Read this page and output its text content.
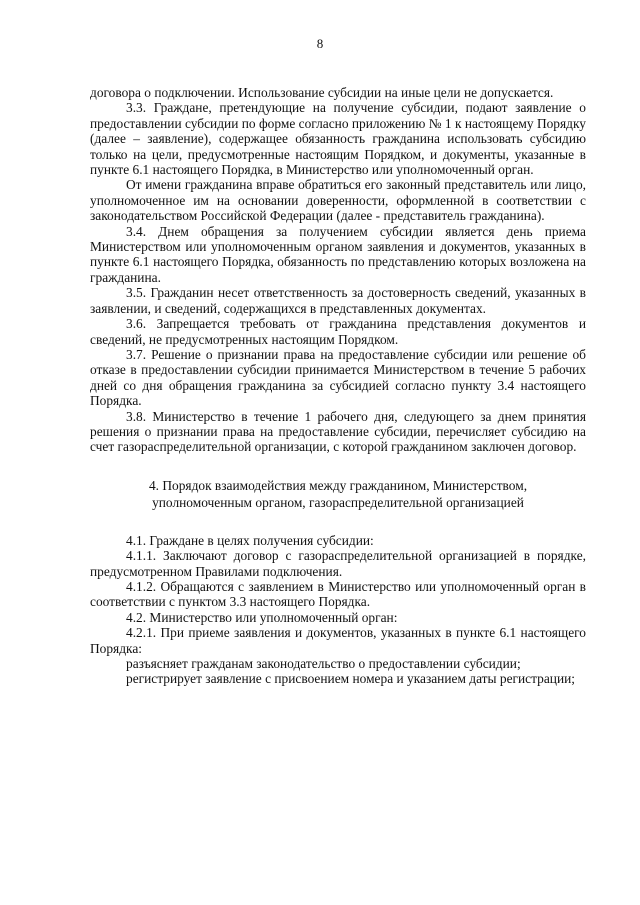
8

договора о подключении. Использование субсидии на иные цели не допускается.

3.3. Граждане, претендующие на получение субсидии, подают заявление о предоставлении субсидии по форме согласно приложению № 1 к настоящему Порядку (далее – заявление), содержащее обязанность гражданина использовать субсидию только на цели, предусмотренные настоящим Порядком, и документы, указанные в пункте 6.1 настоящего Порядка, в Министерство или уполномоченный орган.

От имени гражданина вправе обратиться его законный представитель или лицо, уполномоченное им на основании доверенности, оформленной в соответствии с законодательством Российской Федерации (далее - представитель гражданина).

3.4. Днем обращения за получением субсидии является день приема Министерством или уполномоченным органом заявления и документов, указанных в пункте 6.1 настоящего Порядка, обязанность по представлению которых возложена на гражданина.

3.5. Гражданин несет ответственность за достоверность сведений, указанных в заявлении, и сведений, содержащихся в представленных документах.

3.6. Запрещается требовать от гражданина представления документов и сведений, не предусмотренных настоящим Порядком.

3.7. Решение о признании права на предоставление субсидии или решение об отказе в предоставлении субсидии принимается Министерством в течение 5 рабочих дней со дня обращения гражданина за субсидией согласно пункту 3.4 настоящего Порядка.

3.8. Министерство в течение 1 рабочего дня, следующего за днем принятия решения о признании права на предоставление субсидии, перечисляет субсидию на счет газораспределительной организации, с которой гражданином заключен договор.

4. Порядок взаимодействия между гражданином, Министерством,
уполномоченным органом, газораспределительной организацией

4.1. Граждане в целях получения субсидии:

4.1.1. Заключают договор с газораспределительной организацией в порядке, предусмотренном Правилами подключения.

4.1.2. Обращаются с заявлением в Министерство или уполномоченный орган в соответствии с пунктом 3.3 настоящего Порядка.

4.2. Министерство или уполномоченный орган:

4.2.1. При приеме заявления и документов, указанных в пункте 6.1 настоящего Порядка:

разъясняет гражданам законодательство о предоставлении субсидии;

регистрирует заявление с присвоением номера и указанием даты регистрации;
